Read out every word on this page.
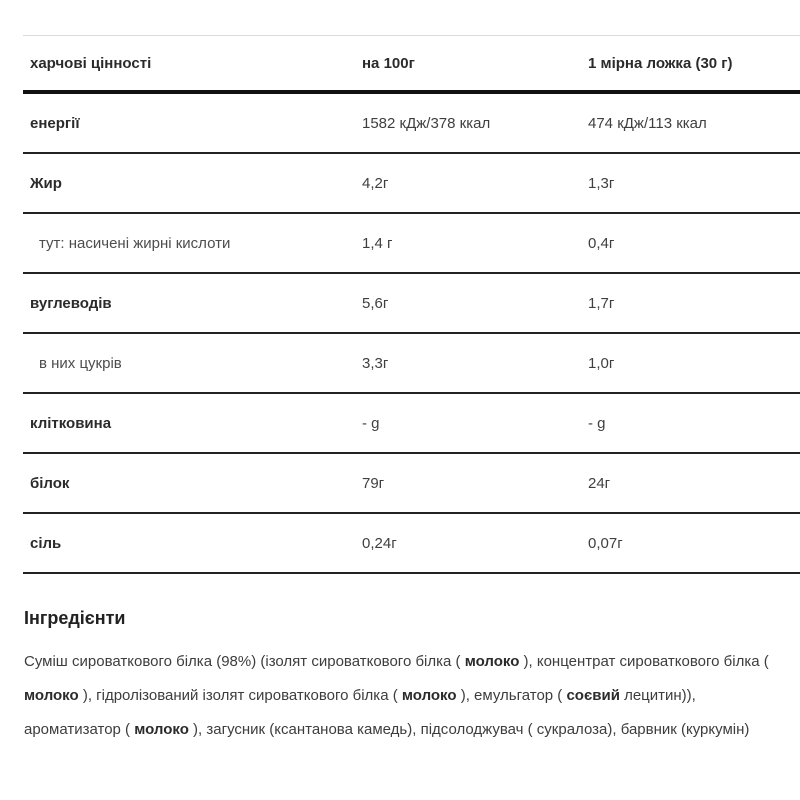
харчові цінності	на 100г	1 мірна ложка (30 г)
енергії	1582 кДж/378 ккал	474 кДж/113 ккал
Жир	4,2г	1,3г
тут: насичені жирні кислоти	1,4 г	0,4г
вуглеводів	5,6г	1,7г
в них цукрів	3,3г	1,0г
клітковина	- g	- g
білок	79г	24г
сіль	0,24г	0,07г
Інгредієнти

Суміш сироваткового білка (98%) (ізолят сироваткового білка ( молоко ), концентрат сироваткового білка ( молоко ), гідролізований ізолят сироваткового білка ( молоко ), емульгатор ( соєвий лецитин)), ароматизатор ( молоко ), загусник (ксантанова камедь), підсолоджувач ( сукралоза), барвник (куркумін)
